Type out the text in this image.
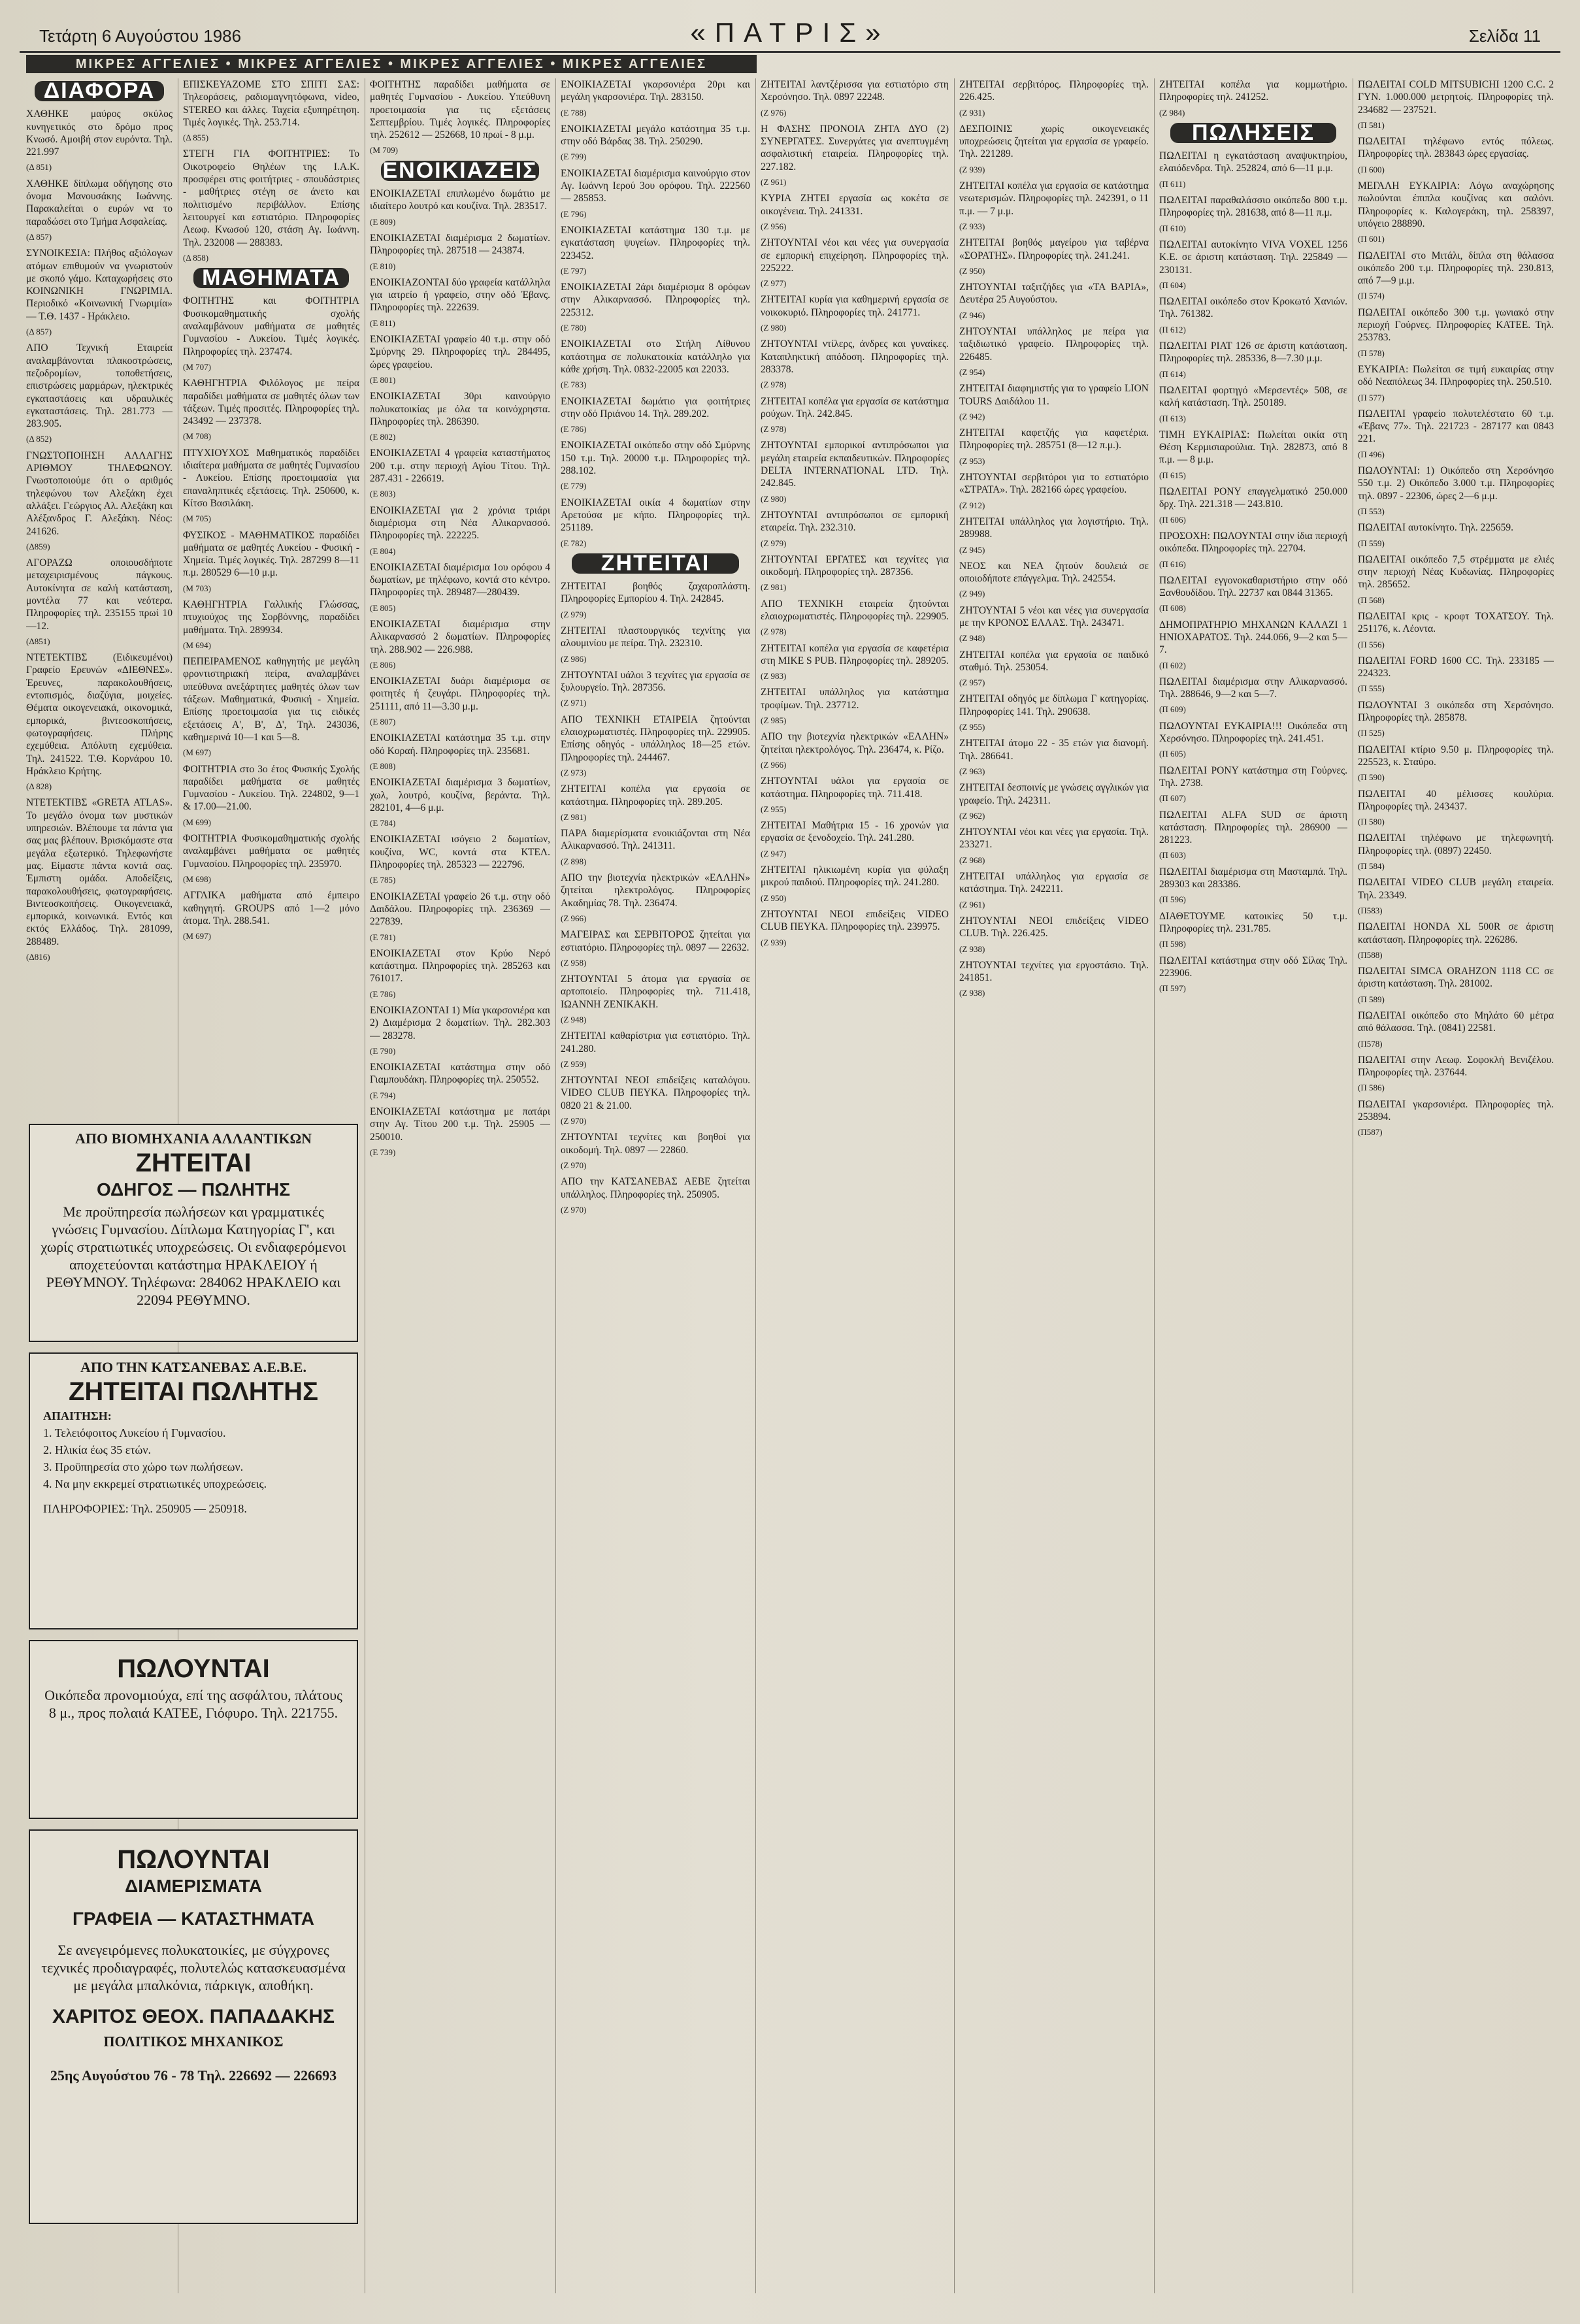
Τετάρτη 6 Αυγούστου 1986	«ΠΑΤΡΙΣ»	Σελίδα 11
ΜΙΚΡΕΣ ΑΓΓΕΛΙΕΣ • ΜΙΚΡΕΣ ΑΓΓΕΛΙΕΣ • ΜΙΚΡΕΣ ΑΓΓΕΛΙΕΣ • ΜΙΚΡΕΣ ΑΓΓΕΛΙΕΣ
ΔΙΑΦΟΡΑ

ΧΑΘΗΚΕ μαύρος σκύλος κυνηγετικός στο δρόμο προς Κνωσό. Αμοιβή στον ευρόντα. Τηλ. 221.997

(Δ 851)

ΧΑΘΗΚΕ δίπλωμα οδήγησης στο όνομα Μανουσάκης Ιωάννης. Παρακαλείται ο ευρών να το παραδώσει στο Τμήμα Ασφαλείας.

(Δ 857)

ΣΥΝΟΙΚΕΣΙΑ: Πλήθος αξιόλογων ατόμων επιθυμούν να γνωριστούν με σκοπό γάμο. Καταχωρήσεις στο ΚΟΙΝΩΝΙΚΗ ΓΝΩΡΙΜΙΑ. Περιοδικό «Κοινωνική Γνωριμία» — Τ.Θ. 1437 - Ηράκλειο.

(Δ 857)

ΑΠΟ Τεχνική Εταιρεία αναλαμβάνονται πλακοστρώσεις, πεζοδρομίων, τοποθετήσεις, επιστρώσεις μαρμάρων, ηλεκτρικές εγκαταστάσεις και υδραυλικές εγκαταστάσεις. Τηλ. 281.773 — 283.905.

(Δ 852)

ΓΝΩΣΤΟΠΟΙΗΣΗ ΑΛΛΑΓΗΣ ΑΡΙΘΜΟΥ ΤΗΛΕΦΩΝΟΥ. Γνωστοποιούμε ότι ο αριθμός τηλεφώνου των Αλεξάκη έχει αλλάξει. Γεώργιος Αλ. Αλεξάκη και Αλέξανδρος Γ. Αλεξάκη. Νέος: 241626.

(Δ859)

ΑΓΟΡΑΖΩ οποιουσδήποτε μεταχειρισμένους πάγκους. Αυτοκίνητα σε καλή κατάσταση, μοντέλα 77 και νεότερα. Πληροφορίες τηλ. 235155 πρωί 10—12.

(Δ851)

ΝΤΕΤΕΚΤΙΒΣ (Ειδικευμένοι) Γραφείο Ερευνών «ΔΙΕΘΝΕΣ». Έρευνες, παρακολουθήσεις, εντοπισμός, διαζύγια, μοιχείες. Θέματα οικογενειακά, οικονομικά, εμπορικά, βιντεοσκοπήσεις, φωτογραφήσεις. Πλήρης εχεμύθεια. Απόλυτη εχεμύθεια. Τηλ. 241522. Τ.Θ. Κορνάρου 10. Ηράκλειο Κρήτης.

(Δ 828)

ΝΤΕΤΕΚΤΙΒΣ «GRETA ATLAS». Το μεγάλο όνομα των μυστικών υπηρεσιών. Βλέπουμε τα πάντα για σας μας βλέπουν. Βρισκόμαστε στα μεγάλα εξωτερικό. Τηλεφωνήστε μας. Είμαστε πάντα κοντά σας. Έμπιστη ομάδα. Αποδείξεις, παρακολουθήσεις, φωτογραφήσεις. Βιντεοσκοπήσεις. Οικογενειακά, εμπορικά, κοινωνικά. Εντός και εκτός Ελλάδος. Τηλ. 281099, 288489.

(Δ816)

ΕΠΙΣΚΕΥΑΖΟΜΕ ΣΤΟ ΣΠΙΤΙ ΣΑΣ: Τηλεοράσεις, ραδιομαγνητόφωνα, video, STEREO και άλλες. Ταχεία εξυπηρέτηση. Τιμές λογικές. Τηλ. 253.714.

(Δ 855)

ΣΤΕΓΗ ΓΙΑ ΦΟΙΤΗΤΡΙΕΣ: Το Οικοτροφείο Θηλέων της Ι.Α.Κ. προσφέρει στις φοιτήτριες - σπουδάστριες - μαθήτριες στέγη σε άνετο και πολιτισμένο περιβάλλον. Επίσης λειτουργεί και εστιατόριο. Πληροφορίες Λεωφ. Κνωσού 120, στάση Αγ. Ιωάννη. Τηλ. 232008 — 288383.

(Δ 858)
ΜΑΘΗΜΑΤΑ

ΦΟΙΤΗΤΗΣ και ΦΟΙΤΗΤΡΙΑ Φυσικομαθηματικής σχολής αναλαμβάνουν μαθήματα σε μαθητές Γυμνασίου - Λυκείου. Τιμές λογικές. Πληροφορίες τηλ. 237474.

(Μ 707)

ΚΑΘΗΓΗΤΡΙΑ Φιλόλογος με πείρα παραδίδει μαθήματα σε μαθητές όλων των τάξεων. Τιμές προσιτές. Πληροφορίες τηλ. 243492 — 237378.

(Μ 708)

ΠΤΥΧΙΟΥΧΟΣ Μαθηματικός παραδίδει ιδιαίτερα μαθήματα σε μαθητές Γυμνασίου - Λυκείου. Επίσης προετοιμασία για επαναληπτικές εξετάσεις. Τηλ. 250600, κ. Κίτσο Βασιλάκη.

(Μ 705)

ΦΥΣΙΚΟΣ - ΜΑΘΗΜΑΤΙΚΟΣ παραδίδει μαθήματα σε μαθητές Λυκείου - Φυσική - Χημεία. Τιμές λογικές. Τηλ. 287299 8—11 π.μ. 280529 6—10 μ.μ.

(Μ 703)

ΚΑΘΗΓΗΤΡΙΑ Γαλλικής Γλώσσας, πτυχιούχος της Σορβόννης, παραδίδει μαθήματα. Τηλ. 289934.

(Μ 694)

ΠΕΠΕΙΡΑΜΕΝΟΣ καθηγητής με μεγάλη φροντιστηριακή πείρα, αναλαμβάνει υπεύθυνα ανεξάρτητες μαθητές όλων των τάξεων. Μαθηματικά, Φυσική - Χημεία. Επίσης προετοιμασία για τις ειδικές εξετάσεις Α', Β', Δ', Τηλ. 243036, καθημερινά 10—1 και 5—8.

(Μ 697)

ΦΟΙΤΗΤΡΙΑ στο 3ο έτος Φυσικής Σχολής παραδίδει μαθήματα σε μαθητές Γυμνασίου - Λυκείου. Τηλ. 224802, 9—1 & 17.00—21.00.

(Μ 699)

ΦΟΙΤΗΤΡΙΑ Φυσικομαθηματικής σχολής αναλαμβάνει μαθήματα σε μαθητές Γυμνασίου. Πληροφορίες τηλ. 235970.

(Μ 698)

ΑΓΓΛΙΚΑ μαθήματα από έμπειρο καθηγητή. GROUPS από 1—2 μόνο άτομα. Τηλ. 288.541.

(Μ 697)

ΦΟΙΤΗΤΗΣ παραδίδει μαθήματα σε μαθητές Γυμνασίου - Λυκείου. Υπεύθυνη προετοιμασία για τις εξετάσεις Σεπτεμβρίου. Τιμές λογικές. Πληροφορίες τηλ. 252612 — 252668, 10 πρωί - 8 μ.μ.

(Μ 709)
ΕΝΟΙΚΙΑΖΕΙΣ

ΕΝΟΙΚΙΑΖΕΤΑΙ επιπλωμένο δωμάτιο με ιδιαίτερο λουτρό και κουζίνα. Τηλ. 283517.

(Ε 809)

ΕΝΟΙΚΙΑΖΕΤΑΙ διαμέρισμα 2 δωματίων. Πληροφορίες τηλ. 287518 — 243874.

(Ε 810)

ΕΝΟΙΚΙΑΖΟΝΤΑΙ δύο γραφεία κατάλληλα για ιατρείο ή γραφείο, στην οδό Έβανς. Πληροφορίες τηλ. 222639.

(Ε 811)

ΕΝΟΙΚΙΑΖΕΤΑΙ γραφείο 40 τ.μ. στην οδό Σμύρνης 29. Πληροφορίες τηλ. 284495, ώρες γραφείου.

(Ε 801)

ΕΝΟΙΚΙΑΖΕΤΑΙ 30ρι καινούργιο πολυκατοικίας με όλα τα κοινόχρηστα. Πληροφορίες τηλ. 286390.

(Ε 802)

ΕΝΟΙΚΙΑΖΕΤΑΙ 4 γραφεία καταστήματος 200 τ.μ. στην περιοχή Αγίου Τίτου. Τηλ. 287.431 - 226619.

(Ε 803)

ΕΝΟΙΚΙΑΖΕΤΑΙ για 2 χρόνια τριάρι διαμέρισμα στη Νέα Αλικαρνασσό. Πληροφορίες τηλ. 222225.

(Ε 804)

ΕΝΟΙΚΙΑΖΕΤΑΙ διαμέρισμα 1ου ορόφου 4 δωματίων, με τηλέφωνο, κοντά στο κέντρο. Πληροφορίες τηλ. 289487—280439.

(Ε 805)

ΕΝΟΙΚΙΑΖΕΤΑΙ διαμέρισμα στην Αλικαρνασσό 2 δωματίων. Πληροφορίες τηλ. 288.902 — 226.988.

(Ε 806)

ΕΝΟΙΚΙΑΖΕΤΑΙ δυάρι διαμέρισμα σε φοιτητές ή ζευγάρι. Πληροφορίες τηλ. 251111, από 11—3.30 μ.μ.

(Ε 807)

ΕΝΟΙΚΙΑΖΕΤΑΙ κατάστημα 35 τ.μ. στην οδό Κοραή. Πληροφορίες τηλ. 235681.

(Ε 808)

ΕΝΟΙΚΙΑΖΕΤΑΙ διαμέρισμα 3 δωματίων, χωλ, λουτρό, κουζίνα, βεράντα. Τηλ. 282101, 4—6 μ.μ.

(Ε 784)

ΕΝΟΙΚΙΑΖΕΤΑΙ ισόγειο 2 δωματίων, κουζίνα, WC, κοντά στα ΚΤΕΛ. Πληροφορίες τηλ. 285323 — 222796.

(Ε 785)

ΕΝΟΙΚΙΑΖΕΤΑΙ γραφείο 26 τ.μ. στην οδό Δαιδάλου. Πληροφορίες τηλ. 236369 — 227839.

(Ε 781)

ΕΝΟΙΚΙΑΖΕΤΑΙ στον Κρύο Νερό κατάστημα. Πληροφορίες τηλ. 285263 και 761017.

(Ε 786)

ΕΝΟΙΚΙΑΖΟΝΤΑΙ 1) Μία γκαρσονιέρα και 2) Διαμέρισμα 2 δωματίων. Τηλ. 282.303 — 283278.

(Ε 790)

ΕΝΟΙΚΙΑΖΕΤΑΙ κατάστημα στην οδό Γιαμπουδάκη. Πληροφορίες τηλ. 250552.

(Ε 794)

ΕΝΟΙΚΙΑΖΕΤΑΙ κατάστημα με πατάρι στην Αγ. Τίτου 200 τ.μ. Τηλ. 25905 — 250010.

(Ε 739)

ΕΝΟΙΚΙΑΖΕΤΑΙ γκαρσονιέρα 20ρι και μεγάλη γκαρσονιέρα. Τηλ. 283150.

(Ε 788)

ΕΝΟΙΚΙΑΖΕΤΑΙ μεγάλο κατάστημα 35 τ.μ. στην οδό Βάρδας 38. Τηλ. 250290.

(Ε 799)

ΕΝΟΙΚΙΑΖΕΤΑΙ διαμέρισμα καινούργιο στον Αγ. Ιωάννη Ιερού 3ου ορόφου. Τηλ. 222560 — 285853.

(Ε 796)

ΕΝΟΙΚΙΑΖΕΤΑΙ κατάστημα 130 τ.μ. με εγκατάσταση ψυγείων. Πληροφορίες τηλ. 223452.

(Ε 797)

ΕΝΟΙΚΙΑΖΕΤΑΙ 2άρι διαμέρισμα 8 ορόφων στην Αλικαρνασσό. Πληροφορίες τηλ. 225312.

(Ε 780)

ΕΝΟΙΚΙΑΖΕΤΑΙ στο Στήλη Λίθυνου κατάστημα σε πολυκατοικία κατάλληλο για κάθε χρήση. Τηλ. 0832-22005 και 22033.

(Ε 783)

ΕΝΟΙΚΙΑΖΕΤΑΙ δωμάτιο για φοιτήτριες στην οδό Πριάνου 14. Τηλ. 289.202.

(Ε 786)

ΕΝΟΙΚΙΑΖΕΤΑΙ οικόπεδο στην οδό Σμύρνης 150 τ.μ. Τηλ. 20000 τ.μ. Πληροφορίες τηλ. 288.102.

(Ε 779)

ΕΝΟΙΚΙΑΖΕΤΑΙ οικία 4 δωματίων στην Αρετούσα με κήπο. Πληροφορίες τηλ. 251189.

(Ε 782)
ΖΗΤΕΙΤΑΙ

ΖΗΤΕΙΤΑΙ βοηθός ζαχαροπλάστη. Πληροφορίες Εμπορίου 4. Τηλ. 242845.

(Ζ 979)

ΖΗΤΕΙΤΑΙ πλαστουργικός τεχνίτης για αλουμινίου με πείρα. Τηλ. 232310.

(Ζ 986)

ΖΗΤΟΥΝΤΑΙ υάλοι 3 τεχνίτες για εργασία σε ξυλουργείο. Τηλ. 287356.

(Ζ 971)

ΑΠΟ ΤΕΧΝΙΚΗ ΕΤΑΙΡΕΙΑ ζητούνται ελαιοχρωματιστές. Πληροφορίες τηλ. 229905. Επίσης οδηγός - υπάλληλος 18—25 ετών. Πληροφορίες τηλ. 244467.

(Ζ 973)

ΖΗΤΕΙΤΑΙ κοπέλα για εργασία σε κατάστημα. Πληροφορίες τηλ. 289.205.

(Ζ 981)

ΠΑΡΑ διαμερίσματα ενοικιάζονται στη Νέα Αλικαρνασσό. Τηλ. 241311.

(Ζ 898)

ΑΠΟ την βιοτεχνία ηλεκτρικών «ΕΛΛΗΝ» ζητείται ηλεκτρολόγος. Πληροφορίες Ακαδημίας 78. Τηλ. 236474.

(Ζ 966)

ΜΑΓΕΙΡΑΣ και ΣΕΡΒΙΤΟΡΟΣ ζητείται για εστιατόριο. Πληροφορίες τηλ. 0897 — 22632.

(Ζ 958)

ΖΗΤΟΥΝΤΑΙ 5 άτομα για εργασία σε αρτοποιείο. Πληροφορίες τηλ. 711.418, ΙΩΑΝΝΗ ΖΕΝΙΚΑΚΗ.

(Ζ 948)

ΖΗΤΕΙΤΑΙ καθαρίστρια για εστιατόριο. Τηλ. 241.280.

(Ζ 959)

ΖΗΤΟΥΝΤΑΙ ΝΕΟΙ επιδείξεις καταλόγου. VIDEO CLUB ΠΕΥΚΑ. Πληροφορίες τηλ. 0820 21 & 21.00.

(Ζ 970)

ΖΗΤΟΥΝΤΑΙ τεχνίτες και βοηθοί για οικοδομή. Τηλ. 0897 — 22860.

(Ζ 970)

ΑΠΟ την ΚΑΤΣΑΝΕΒΑΣ ΑΕΒΕ ζητείται υπάλληλος. Πληροφορίες τηλ. 250905.

(Ζ 970)

ΖΗΤΕΙΤΑΙ λαντζέρισσα για εστιατόριο στη Χερσόνησο. Τηλ. 0897 22248.

(Ζ 976)

Η ΦΑΣΗΣ ΠΡΟΝΟΙΑ ΖΗΤΑ ΔΥΟ (2) ΣΥΝΕΡΓΑΤΕΣ. Συνεργάτες για ανεπτυγμένη ασφαλιστική εταιρεία. Πληροφορίες τηλ. 227.182.

(Ζ 961)

ΚΥΡΙΑ ΖΗΤΕΙ εργασία ως κοκέτα σε οικογένεια. Τηλ. 241331.

(Ζ 956)

ΖΗΤΟΥΝΤΑΙ νέοι και νέες για συνεργασία σε εμπορική επιχείρηση. Πληροφορίες τηλ. 225222.

(Ζ 977)

ΖΗΤΕΙΤΑΙ κυρία για καθημερινή εργασία σε νοικοκυριό. Πληροφορίες τηλ. 241771.

(Ζ 980)

ΖΗΤΟΥΝΤΑΙ ντίλερς, άνδρες και γυναίκες. Καταπληκτική απόδοση. Πληροφορίες τηλ. 283378.

(Ζ 978)

ΖΗΤΕΙΤΑΙ κοπέλα για εργασία σε κατάστημα ρούχων. Τηλ. 242.845.

(Ζ 978)

ΖΗΤΟΥΝΤΑΙ εμπορικοί αντιπρόσωποι για μεγάλη εταιρεία εκπαιδευτικών. Πληροφορίες DELTA INTERNATIONAL LTD. Τηλ. 242.845.

(Ζ 980)

ΖΗΤΟΥΝΤΑΙ αντιπρόσωποι σε εμπορική εταιρεία. Τηλ. 232.310.

(Ζ 979)

ΖΗΤΟΥΝΤΑΙ ΕΡΓΑΤΕΣ και τεχνίτες για οικοδομή. Πληροφορίες τηλ. 287356.

(Ζ 981)

ΑΠΟ ΤΕΧΝΙΚΗ εταιρεία ζητούνται ελαιοχρωματιστές. Πληροφορίες τηλ. 229905.

(Ζ 978)

ΖΗΤΕΙΤΑΙ κοπέλα για εργασία σε καφετέρια στη MIKE S PUB. Πληροφορίες τηλ. 289205.

(Ζ 983)

ΖΗΤΕΙΤΑΙ υπάλληλος για κατάστημα τροφίμων. Τηλ. 237712.

(Ζ 985)

ΑΠΟ την βιοτεχνία ηλεκτρικών «ΕΛΛΗΝ» ζητείται ηλεκτρολόγος. Τηλ. 236474, κ. Ρίζο.

(Ζ 966)

ΖΗΤΟΥΝΤΑΙ υάλοι για εργασία σε κατάστημα. Πληροφορίες τηλ. 711.418.

(Ζ 955)

ΖΗΤΕΙΤΑΙ Μαθήτρια 15 - 16 χρονών για εργασία σε ξενοδοχείο. Τηλ. 241.280.

(Ζ 947)

ΖΗΤΕΙΤΑΙ ηλικιωμένη κυρία για φύλαξη μικρού παιδιού. Πληροφορίες τηλ. 241.280.

(Ζ 950)

ΖΗΤΟΥΝΤΑΙ ΝΕΟΙ επιδείξεις VIDEO CLUB ΠΕΥΚΑ. Πληροφορίες τηλ. 239975.

(Ζ 939)

ΖΗΤΕΙΤΑΙ σερβιτόρος. Πληροφορίες τηλ. 226.425.

(Ζ 931)

ΔΕΣΠΟΙΝΙΣ χωρίς οικογενειακές υποχρεώσεις ζητείται για εργασία σε γραφείο. Τηλ. 221289.

(Ζ 939)

ΖΗΤΕΙΤΑΙ κοπέλα για εργασία σε κατάστημα νεωτερισμών. Πληροφορίες τηλ. 242391, ο 11 π.μ. — 7 μ.μ.

(Ζ 933)

ΖΗΤΕΙΤΑΙ βοηθός μαγείρου για ταβέρνα «ΣΟΡΑΤΗΣ». Πληροφορίες τηλ. 241.241.

(Ζ 950)

ΖΗΤΟΥΝΤΑΙ ταξιτζήδες για «ΤΑ ΒΑΡΙΑ», Δευτέρα 25 Αυγούστου.

(Ζ 946)

ΖΗΤΟΥΝΤΑΙ υπάλληλος με πείρα για ταξιδιωτικό γραφείο. Πληροφορίες τηλ. 226485.

(Ζ 954)

ΖΗΤΕΙΤΑΙ διαφημιστής για το γραφείο LION TOURS Δαιδάλου 11.

(Ζ 942)

ΖΗΤΕΙΤΑΙ καφετζής για καφετέρια. Πληροφορίες τηλ. 285751 (8—12 π.μ.).

(Ζ 953)

ΖΗΤΟΥΝΤΑΙ σερβιτόροι για το εστιατόριο «ΣΤΡΑΤΑ». Τηλ. 282166 ώρες γραφείου.

(Ζ 912)

ΖΗΤΕΙΤΑΙ υπάλληλος για λογιστήριο. Τηλ. 289988.

(Ζ 945)

ΝΕΟΣ και ΝΕΑ ζητούν δουλειά σε οποιοδήποτε επάγγελμα. Τηλ. 242554.

(Ζ 949)

ΖΗΤΟΥΝΤΑΙ 5 νέοι και νέες για συνεργασία με την ΚΡΟΝΟΣ ΕΛΛΑΣ. Τηλ. 243471.

(Ζ 948)

ΖΗΤΕΙΤΑΙ κοπέλα για εργασία σε παιδικό σταθμό. Τηλ. 253054.

(Ζ 957)

ΖΗΤΕΙΤΑΙ οδηγός με δίπλωμα Γ κατηγορίας. Πληροφορίες 141. Τηλ. 290638.

(Ζ 955)

ΖΗΤΕΙΤΑΙ άτομο 22 - 35 ετών για διανομή. Τηλ. 286641.

(Ζ 963)

ΖΗΤΕΙΤΑΙ δεσποινίς με γνώσεις αγγλικών για γραφείο. Τηλ. 242311.

(Ζ 962)

ΖΗΤΟΥΝΤΑΙ νέοι και νέες για εργασία. Τηλ. 233271.

(Ζ 968)

ΖΗΤΕΙΤΑΙ υπάλληλος για εργασία σε κατάστημα. Τηλ. 242211.

(Ζ 961)

ΖΗΤΟΥΝΤΑΙ ΝΕΟΙ επιδείξεις VIDEO CLUB. Τηλ. 226.425.

(Ζ 938)

ΖΗΤΟΥΝΤΑΙ τεχνίτες για εργοστάσιο. Τηλ. 241851.

(Ζ 938)

ΖΗΤΕΙΤΑΙ κοπέλα για κομμωτήριο. Πληροφορίες τηλ. 241252.

(Ζ 984)
ΠΩΛΗΣΕΙΣ

ΠΩΛΕΙΤΑΙ η εγκατάσταση αναψυκτηρίου, ελαιόδενδρα. Τηλ. 252824, από 6—11 μ.μ.

(Π 611)

ΠΩΛΕΙΤΑΙ παραθαλάσσιο οικόπεδο 800 τ.μ. Πληροφορίες τηλ. 281638, από 8—11 π.μ.

(Π 610)

ΠΩΛΕΙΤΑΙ αυτοκίνητο VIVA VOXEL 1256 Κ.Ε. σε άριστη κατάσταση. Τηλ. 225849 — 230131.

(Π 604)

ΠΩΛΕΙΤΑΙ οικόπεδο στον Κροκωτό Χανιών. Τηλ. 761382.

(Π 612)

ΠΩΛΕΙΤΑΙ ΡΙΑΤ 126 σε άριστη κατάσταση. Πληροφορίες τηλ. 285336, 8—7.30 μ.μ.

(Π 614)

ΠΩΛΕΙΤΑΙ φορτηγό «Μερσεντές» 508, σε καλή κατάσταση. Τηλ. 250189.

(Π 613)

ΤΙΜΗ ΕΥΚΑΙΡΙΑΣ: Πωλείται οικία στη Θέση Κερμισιαρούλια. Τηλ. 282873, από 8 π.μ. — 8 μ.μ.

(Π 615)

ΠΩΛΕΙΤΑΙ PONY επαγγελματικό 250.000 δρχ. Τηλ. 221.318 — 243.810.

(Π 606)

ΠΡΟΣΟΧΗ: ΠΩΛΟΥΝΤΑΙ στην ίδια περιοχή οικόπεδα. Πληροφορίες τηλ. 22704.

(Π 616)

ΠΩΛΕΙΤΑΙ εγγονοκαθαριστήριο στην οδό Ξανθουδίδου. Τηλ. 22737 και 0844 31365.

(Π 608)

ΔΗΜΟΠΡΑΤΗΡΙΟ ΜΗΧΑΝΩΝ ΚΑΛΑΖΙ 1 ΗΝΙΟΧΑΡΑΤΟΣ. Τηλ. 244.066, 9—2 και 5—7.

(Π 602)

ΠΩΛΕΙΤΑΙ διαμέρισμα στην Αλικαρνασσό. Τηλ. 288646, 9—2 και 5—7.

(Π 609)

ΠΩΛΟΥΝΤΑΙ ΕΥΚΑΙΡΙΑ!!! Οικόπεδα στη Χερσόνησο. Πληροφορίες τηλ. 241.451.

(Π 605)

ΠΩΛΕΙΤΑΙ PONY κατάστημα στη Γούρνες. Τηλ. 2738.

(Π 607)

ΠΩΛΕΙΤΑΙ ALFA SUD σε άριστη κατάσταση. Πληροφορίες τηλ. 286900 — 281223.

(Π 603)

ΠΩΛΕΙΤΑΙ διαμέρισμα στη Μασταμπά. Τηλ. 289303 και 283386.

(Π 596)

ΔΙΑΘΕΤΟΥΜΕ κατοικίες 50 τ.μ. Πληροφορίες τηλ. 231.785.

(Π 598)

ΠΩΛΕΙΤΑΙ κατάστημα στην οδό Σίλας Τηλ. 223906.

(Π 597)

ΠΩΛΕΙΤΑΙ COLD MITSUBICHI 1200 C.C. 2 ΓΥΝ. 1.000.000 μετρητοίς. Πληροφορίες τηλ. 234682 — 237521.

(Π 581)

ΠΩΛΕΙΤΑΙ τηλέφωνο εντός πόλεως. Πληροφορίες τηλ. 283843 ώρες εργασίας.

(Π 600)

ΜΕΓΑΛΗ ΕΥΚΑΙΡΙΑ: Λόγω αναχώρησης πωλούνται έπιπλα κουζίνας και σαλόνι. Πληροφορίες κ. Καλογεράκη, τηλ. 258397, υπόγειο 288890.

(Π 601)

ΠΩΛΕΙΤΑΙ στο Μιτάλι, δίπλα στη θάλασσα οικόπεδο 200 τ.μ. Πληροφορίες τηλ. 230.813, από 7—9 μ.μ.

(Π 574)

ΠΩΛΕΙΤΑΙ οικόπεδο 300 τ.μ. γωνιακό στην περιοχή Γούρνες. Πληροφορίες ΚΑΤΕΕ. Τηλ. 253783.

(Π 578)

ΕΥΚΑΙΡΙΑ: Πωλείται σε τιμή ευκαιρίας στην οδό Νεαπόλεως 34. Πληροφορίες τηλ. 250.510.

(Π 577)

ΠΩΛΕΙΤΑΙ γραφείο πολυτελέστατο 60 τ.μ. «Έβανς 77». Τηλ. 221723 - 287177 και 0843 221.

(Π 496)

ΠΩΛΟΥΝΤΑΙ: 1) Οικόπεδο στη Χερσόνησο 550 τ.μ. 2) Οικόπεδο 3.000 τ.μ. Πληροφορίες τηλ. 0897 - 22306, ώρες 2—6 μ.μ.

(Π 553)

ΠΩΛΕΙΤΑΙ αυτοκίνητο. Τηλ. 225659.

(Π 559)

ΠΩΛΕΙΤΑΙ οικόπεδο 7,5 στρέμματα με ελιές στην περιοχή Νέας Κυδωνίας. Πληροφορίες τηλ. 285652.

(Π 568)

ΠΩΛΕΙΤΑΙ κρις - κροφτ ΤΟΧΑΤΣΟΥ. Τηλ. 251176, κ. Λέοντα.

(Π 556)

ΠΩΛΕΙΤΑΙ FORD 1600 CC. Τηλ. 233185 — 224323.

(Π 555)

ΠΩΛΟΥΝΤΑΙ 3 οικόπεδα στη Χερσόνησο. Πληροφορίες τηλ. 285878.

(Π 525)

ΠΩΛΕΙΤΑΙ κτίριο 9.50 μ. Πληροφορίες τηλ. 225523, κ. Σταύρο.

(Π 590)

ΠΩΛΕΙΤΑΙ 40 μέλισσες κουλύρια. Πληροφορίες τηλ. 243437.

(Π 580)

ΠΩΛΕΙΤΑΙ τηλέφωνο με τηλεφωνητή. Πληροφορίες τηλ. (0897) 22450.

(Π 584)

ΠΩΛΕΙΤΑΙ VIDEO CLUB μεγάλη εταιρεία. Τηλ. 23349.

(Π583)

ΠΩΛΕΙΤΑΙ HONDA XL 500R σε άριστη κατάσταση. Πληροφορίες τηλ. 226286.

(Π588)

ΠΩΛΕΙΤΑΙ SIMCA ORAHZON 1118 CC σε άριστη κατάσταση. Τηλ. 281002.

(Π 589)

ΠΩΛΕΙΤΑΙ οικόπεδο στο Μηλάτο 60 μέτρα από θάλασσα. Τηλ. (0841) 22581.

(Π578)

ΠΩΛΕΙΤΑΙ στην Λεωφ. Σοφοκλή Βενιζέλου. Πληροφορίες τηλ. 237644.

(Π 586)

ΠΩΛΕΙΤΑΙ γκαρσονιέρα. Πληροφορίες τηλ. 253894.

(Π587)
ΑΠΟ ΒΙΟΜΗΧΑΝΙΑ ΑΛΛΑΝΤΙΚΩΝ
ΖΗΤΕΙΤΑΙ
ΟΔΗΓΟΣ — ΠΩΛΗΤΗΣ
Με προϋπηρεσία πωλήσεων και γραμματικές γνώσεις Γυμνασίου. Δίπλωμα Κατηγορίας Γ', και χωρίς στρατιωτικές υποχρεώσεις. Οι ενδιαφερόμενοι αποχετεύονται κατάστημα ΗΡΑΚΛΕΙΟΥ ή ΡΕΘΥΜΝΟΥ. Τηλέφωνα: 284062 ΗΡΑΚΛΕΙΟ και 22094 ΡΕΘΥΜΝΟ.
ΑΠΟ ΤΗΝ ΚΑΤΣΑΝΕΒΑΣ Α.Ε.Β.Ε.
ΖΗΤΕΙΤΑΙ ΠΩΛΗΤΗΣ
ΑΠΑΙΤΗΣΗ:
1. Τελειόφοιτος Λυκείου ή Γυμνασίου.
2. Ηλικία έως 35 ετών.
3. Προϋπηρεσία στο χώρο των πωλήσεων.
4. Να μην εκκρεμεί στρατιωτικές υποχρεώσεις.
ΠΛΗΡΟΦΟΡΙΕΣ: Τηλ. 250905 — 250918.
ΠΩΛΟΥΝΤΑΙ
Οικόπεδα προνομιούχα, επί της ασφάλτου, πλάτους 8 μ., προς πολαιά ΚΑΤΕΕ, Γιόφυρο. Τηλ. 221755.
ΠΩΛΟΥΝΤΑΙ
ΔΙΑΜΕΡΙΣΜΑΤΑ
ΓΡΑΦΕΙΑ — ΚΑΤΑΣΤΗΜΑΤΑ
Σε ανεγειρόμενες πολυκατοικίες, με σύγχρονες τεχνικές προδιαγραφές, πολυτελώς κατασκευασμένα με μεγάλα μπαλκόνια, πάρκιγκ, αποθήκη.
ΧΑΡΙΤΟΣ ΘΕΟΧ. ΠΑΠΑΔΑΚΗΣ
ΠΟΛΙΤΙΚΟΣ ΜΗΧΑΝΙΚΟΣ
25ης Αυγούστου 76 - 78 Τηλ. 226692 — 226693
